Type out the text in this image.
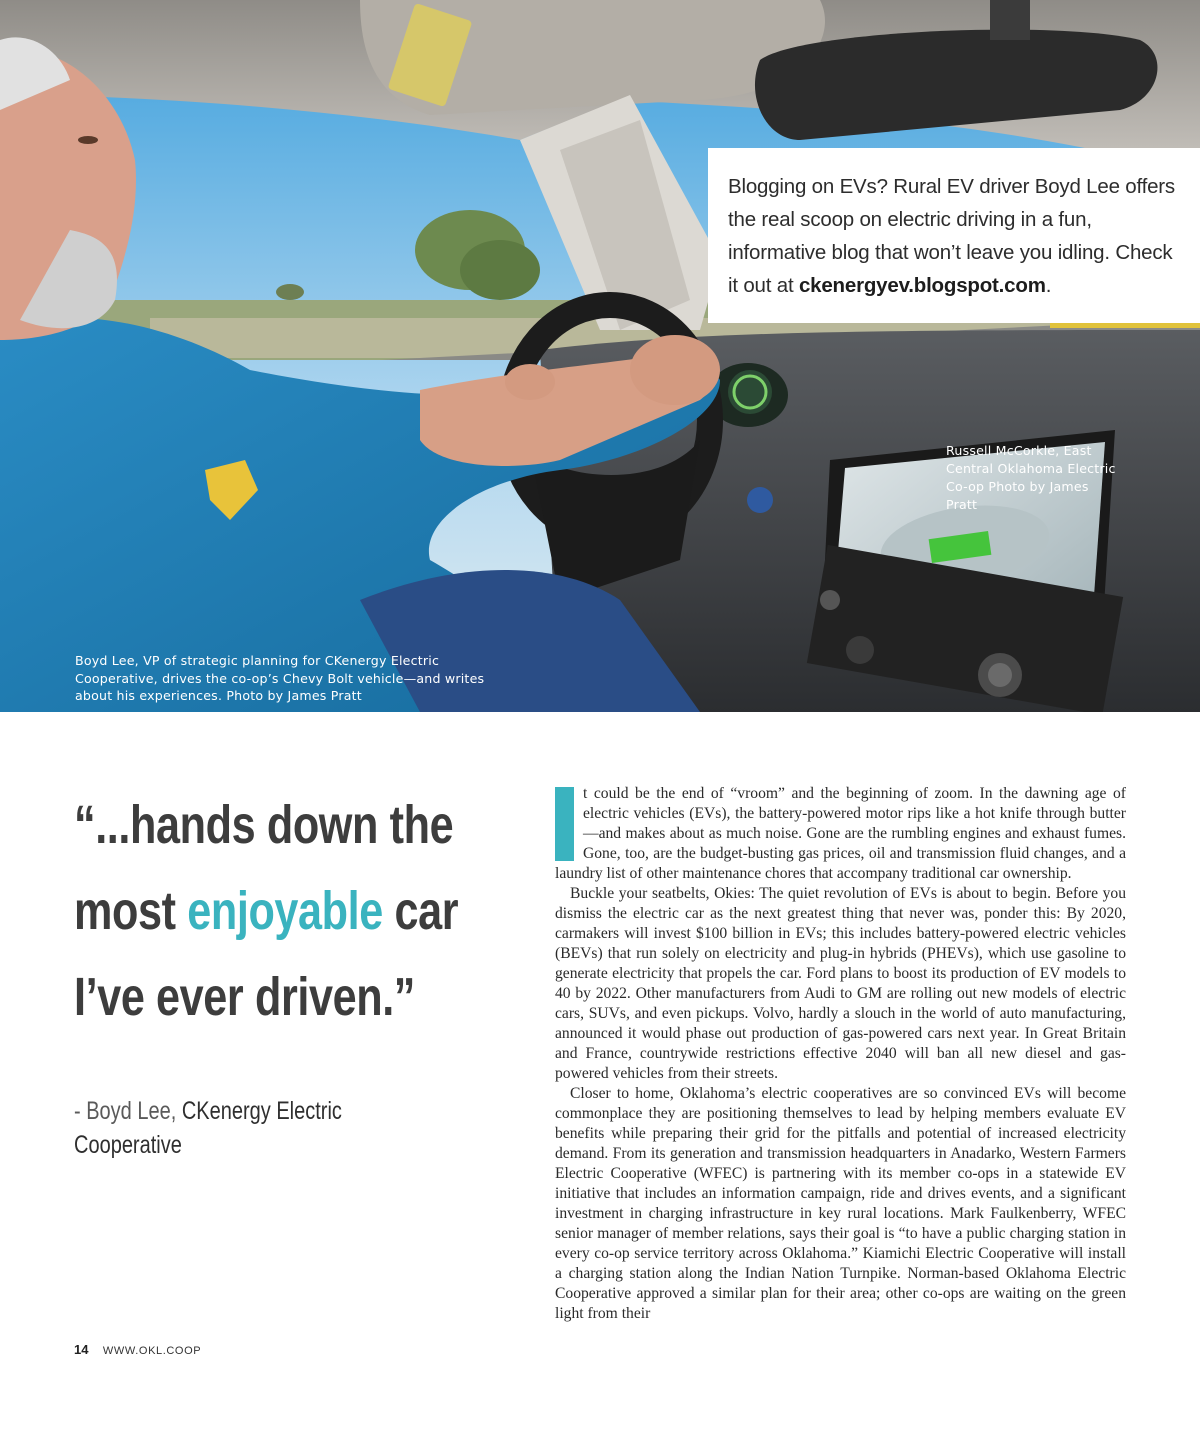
Blogging on EVs? Rural EV driver Boyd Lee offers the real scoop on electric driving in a fun, informative blog that won’t leave you idling. Check it out at ckenergyev.blogspot.com.

Russell McCorkle, East Central Oklahoma Electric Co-op Photo by James Pratt
Boyd Lee, VP of strategic planning for CKenergy Electric Cooperative, drives the co-op’s Chevy Bolt vehicle—and writes about his experiences. Photo by James Pratt
“...hands down the most enjoyable car I’ve ever driven.”
- Boyd Lee, CKenergy Electric Cooperative

I	t could be the end of “vroom” and the beginning of zoom. In the dawning age of electric vehicles (EVs), the battery-powered motor rips like a hot knife through butter—and makes about as much noise. Gone are the rumbling engines and exhaust fumes. Gone, too, are the budget-busting gas prices, oil and transmission fluid changes, and a laundry list of other maintenance chores that accompany traditional car ownership.

Buckle your seatbelts, Okies: The quiet revolution of EVs is about to begin. Before you dismiss the electric car as the next greatest thing that never was, ponder this: By 2020, carmakers will invest $100 billion in EVs; this includes battery-powered electric vehicles (BEVs) that run solely on electricity and plug-in hybrids (PHEVs), which use gasoline to generate electricity that propels the car. Ford plans to boost its production of EV models to 40 by 2022. Other manufacturers from Audi to GM are rolling out new models of electric cars, SUVs, and even pickups. Volvo, hardly a slouch in the world of auto manufacturing, announced it would phase out production of gas-powered cars next year. In Great Britain and France, countrywide restrictions effective 2040 will ban all new diesel and gas-powered vehicles from their streets.

Closer to home, Oklahoma’s electric cooperatives are so convinced EVs will become commonplace they are positioning themselves to lead by helping members evaluate EV benefits while preparing their grid for the pitfalls and potential of increased electricity demand. From its generation and transmission headquarters in Anadarko, Western Farmers Electric Cooperative (WFEC) is partnering with its member co-ops in a statewide EV initiative that includes an information campaign, ride and drives events, and a significant investment in charging infrastructure in key rural locations. Mark Faulkenberry, WFEC senior manager of member relations, says their goal is “to have a public charging station in every co-op service territory across Oklahoma.” Kiamichi Electric Cooperative will install a charging station along the Indian Nation Turnpike. Norman-based Oklahoma Electric Cooperative approved a similar plan for their area; other co-ops are waiting on the green light from their

14 WWW.OKL.COOP
